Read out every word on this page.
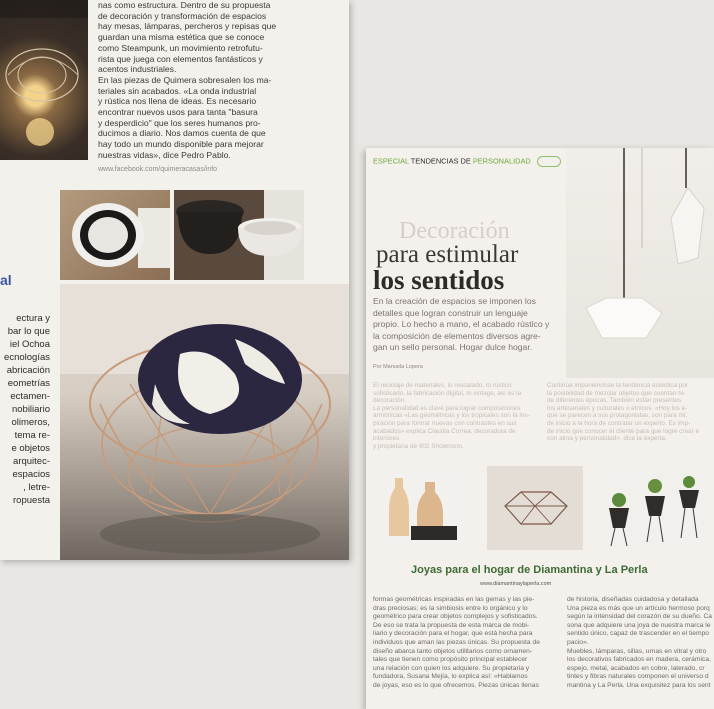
nas como estructura. Dentro de su propuesta

de decoración y transformación de espacios

hay mesas, lámparas, percheros y repisas que

guardan una misma estética que se conoce

como Steampunk, un movimiento retrofutu-

rista que juega con elementos fantásticos y

acentos industriales.

En las piezas de Quimera sobresalen los ma-

teriales sin acabados. «La onda industrial

y rústica nos llena de ideas. Es necesario

encontrar nuevos usos para tanta "basura

y desperdicio" que los seres humanos pro-

ducimos a diario. Nos damos cuenta de que

hay todo un mundo disponible para mejorar

nuestras vidas», dice Pedro Pablo.

www.facebook.com/quimeracasas/info

al
ectura y
bar lo que
iel Ochoa
ecnologías
abricación
eometrías
ectamen-
nobiliario
olimeros,
tema re-
e objetos
arquitec-
espacios
, letre-
ropuesta
ESPECIAL TENDENCIAS DE PERSONALIDAD
Decoración
para estimular
los sentidos
En la creación de espacios se imponen los
detalles que logran construir un lenguaje
propio. Lo hecho a mano, el acabado rústico y
la composición de elementos diversos agre-
gan un sello personal. Hogar dulce hogar.
Por Manuela Lopera
El reciclaje de materiales, lo rescatado, lo rústico
sofisticado, la fabricación digital, lo vintage, así es la
decoración.
La personalidad es clave para lograr composiciones
armónicas «Las geométricas y los tropicales son la ins-
piración para formar nuevas con contrastes en sus
acabados» explica Claudia Correa, decoradora de interiores
y propietaria de 902 Showroom.
Continúa imponiéndose la tendencia ecléctica por
la posibilidad de mezclar objetos que cuentan hi-
de diferentes épocas. También están presentes
los artesanales y culturales o étnicos. «Hoy los e-
que se parecen a sus protagonistas, son para mí,
de inicio a la hora de contratar un experto. Es imp-
de inicio que conocer el cliente para que logre crear e
con alma y personalidad», dice la experta.
Joyas para el hogar de Diamantina y La Perla
www.diamantinaylaperla.com
formas geométricas inspiradas en las gemas y las pie-
dras preciosas; es la simbiosis entre lo orgánico y lo
geométrico para crear objetos complejos y sofisticados.
De eso se trata la propuesta de esta marca de mobi-
liario y decoración para el hogar, que está hecha para
individuos que aman las piezas únicas. Su propuesta de
diseño abarca tanto objetos utilitarios como ornamen-
tales que tienen como propósito principal establecer
una relación con quien los adquiere. Su propietaria y
fundadora, Susana Mejía, lo explica así: «Hablamos
de joyas, eso es lo que ofrecemos. Piezas únicas llenas
de historia, diseñadas cuidadosa y detallada
Una pieza es más que un artículo hermoso porq
según la intensidad del corazón de su dueño. Ca
sona que adquiere una joya de nuestra marca le
sentido único, capaz de trascender en el tiempo
pacio».
Muebles, lámparas, sillas, urnas en vitral y otro
los decorativos fabricados en madera, cerámica,
espejo, metal, acabados en cobre, laterado, cr
tintes y fibras naturales componen el universo d
mantina y La Perla. Una exquisitez para los sent
